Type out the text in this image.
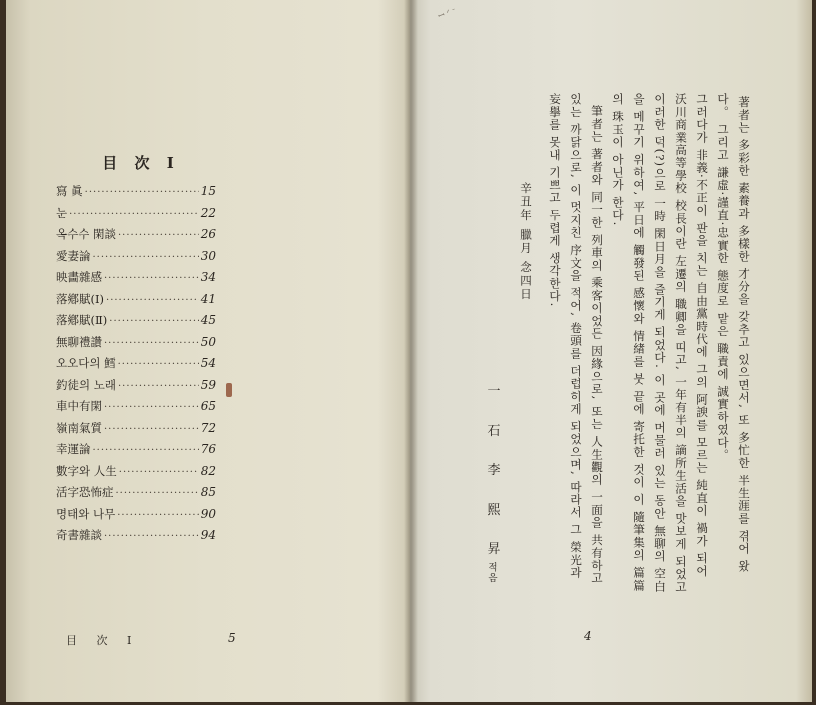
目 次 I
寫 眞 ·····	15
눈 ·····	22
옥수수 閑談 ·····	26
愛妻論 ·····	30
映畵雜感 ·····	34
落鄕賦(Ⅰ) ·····	41
落鄕賦(Ⅱ) ·····	45
無聊禮讚 ·····	50
오오다의 鱈 ·····	54
釣徒의 노래 ·····	59
車中有閑 ·····	65
嶺南氣質 ·····	72
幸運論 ·····	76
數字와 人生 ·····	82
活字恐怖症 ·····	85
명태와 나무 ·····	90
奇書雜談 ·····	94
目 次 I	5
ꟷ ᐟ ᐨ
著者는 多彩한 素養과 多樣한 才分을 갖추고 있으면서, 또 多忙한 半生涯를 겪어 왔
다。 그리고 謙虛·謹直·忠實한 態度로 맡은 職責에 誠實하였다。
그러다가 非義·不正이 판을 치는 自由黨時代에 그의 阿諛를 모르는 純直이 禍가 되어
沃川商業高等學校 校長이란 左遷의 職卿을 띠고, 一年有半의 謫所生活을 맛보게 되었고
이러한 덕(?)으로 一時 閑日月을 즐기게 되었다. 이 곳에 머물러 있는 동안 無聊의 空白
을 메꾸기 위하여, 平日에 觸發된 感懷와 情緖를 붓 끝에 寄托한 것이 이 隨筆集의 篇篇
의 珠玉이 아닌가 한다.
筆者는 著者와 同一한 列車의 乘客이었든 因緣으로, 또는 人生觀의 一面을 共有하고
있는 까닭으로, 이 멋지친 序文을 적어, 卷頭를 더럽히게 되었으며, 따라서 그 榮光과
妄擧를 못내 기쁘고 두렵게 생각한다.
辛丑年 臘月 念四日
一
石
李
熙
昇
적음
4
